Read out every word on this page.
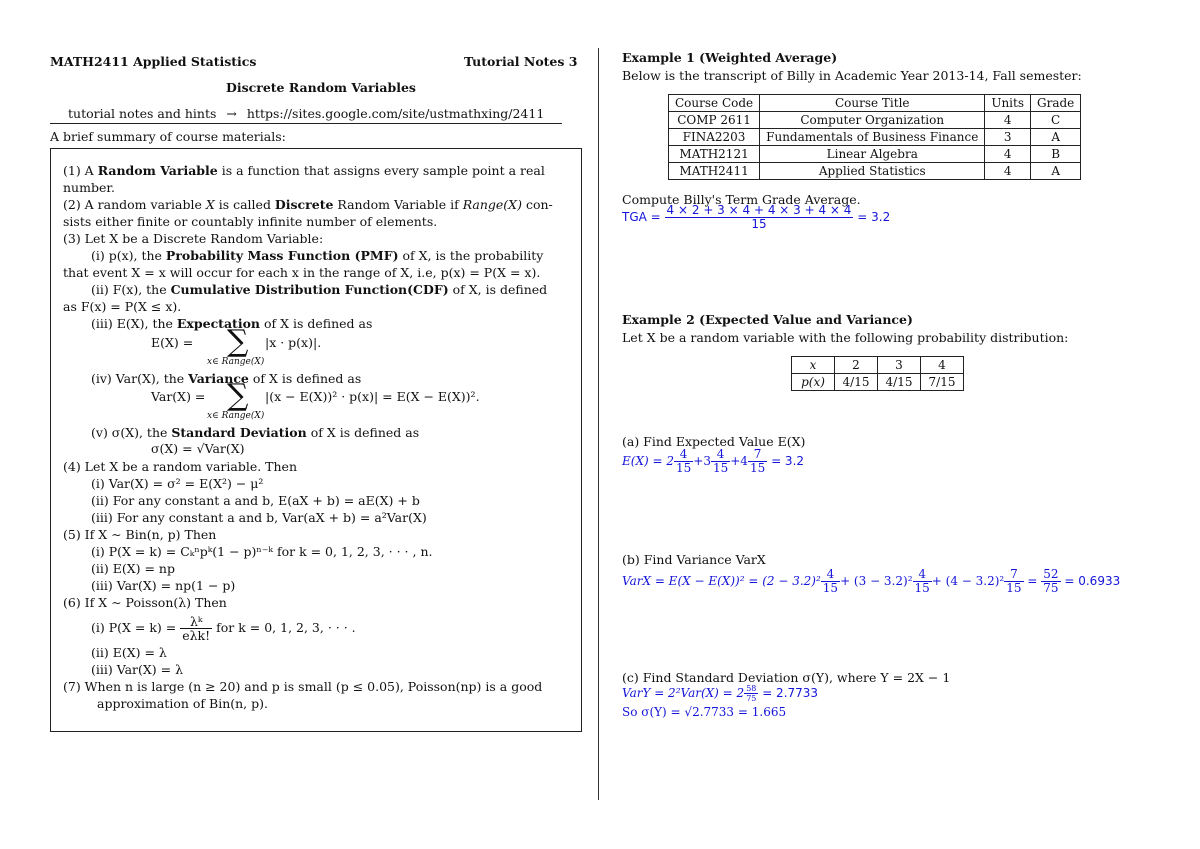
MATH2411 Applied Statistics	Tutorial Notes 3
Discrete Random Variables
tutorial notes and hints → https://sites.google.com/site/ustmathxing/2411
A brief summary of course materials:
(1) A Random Variable is a function that assigns every sample point a real
number.
(2) A random variable X is called Discrete Random Variable if Range(X) con-
sists either finite or countably infinite number of elements.
(3) Let X be a Discrete Random Variable:
(i) p(x), the Probability Mass Function (PMF) of X, is the probability
that event X = x will occur for each x in the range of X, i.e, p(x) = P(X = x).
(ii) F(x), the Cumulative Distribution Function(CDF) of X, is defined
as F(x) = P(X ≤ x).
(iii) E(X), the Expectation of X is defined as
E(X) = ∑
x∈ Range(X)
|x · p(x)|.
(iv) Var(X), the Variance of X is defined as
Var(X) = ∑
x∈ Range(X)
|(x − E(X))² · p(x)| = E(X − E(X))².
(v) σ(X), the Standard Deviation of X is defined as
σ(X) = √Var(X)
(4) Let X be a random variable. Then
(i) Var(X) = σ² = E(X²) − μ²
(ii) For any constant a and b, E(aX + b) = aE(X) + b
(iii) For any constant a and b, Var(aX + b) = a²Var(X)
(5) If X ∼ Bin(n, p) Then
(i) P(X = k) = Cₖⁿpᵏ(1 − p)ⁿ⁻ᵏ for k = 0, 1, 2, 3, · · · , n.
(ii) E(X) = np
(iii) Var(X) = np(1 − p)
(6) If X ∼ Poisson(λ) Then
(i) $P(X = k) = \frac{\text{λᵏ}}{\text{eλk!}}$ for k = 0, 1, 2, 3, · · · .
(ii) E(X) = λ
(iii) Var(X) = λ
(7) When n is large (n ≥ 20) and p is small (p ≤ 0.05), Poisson(np) is a good
approximation of Bin(n, p).
Example 1 (Weighted Average)
Below is the transcript of Billy in Academic Year 2013-14, Fall semester:
Course Code	Course Title	Units	Grade
COMP 2611	Computer Organization	4	C
FINA2203	Fundamentals of Business Finance	3	A
MATH2121	Linear Algebra	4	B
MATH2411	Applied Statistics	4	A
Compute Billy's Term Grade Average.
TGA = $\frac{4 \times 2 + 3 \times 4 + 4 \times 3 + 4 \times 4}{15} = 3.2$
Example 2 (Expected Value and Variance)
Let X be a random variable with the following probability distribution:
x	2	3	4
p(x)	4/15	4/15	7/15
(a) Find Expected Value E(X)
$E(X) = 2 \frac{4}{15} +3 \frac{4}{15} +4 \frac{7}{15} = 3.2$
(b) Find Variance VarX
VarX = $E(X - E(X))^2 = (2 - 3.2)^2 \frac{4}{15} + (3 - 3.2)^2 \frac{4}{15} + (4 - 3.2)^2 \frac{7}{15} = \frac{52}{75} = 0.6933$
(c) Find Standard Deviation σ(Y), where Y = 2X − 1
VarY = $2^2Var(X) = 2 \frac{58}{75} = 2.7733$
So σ(Y) = √2.7733 = 1.665
